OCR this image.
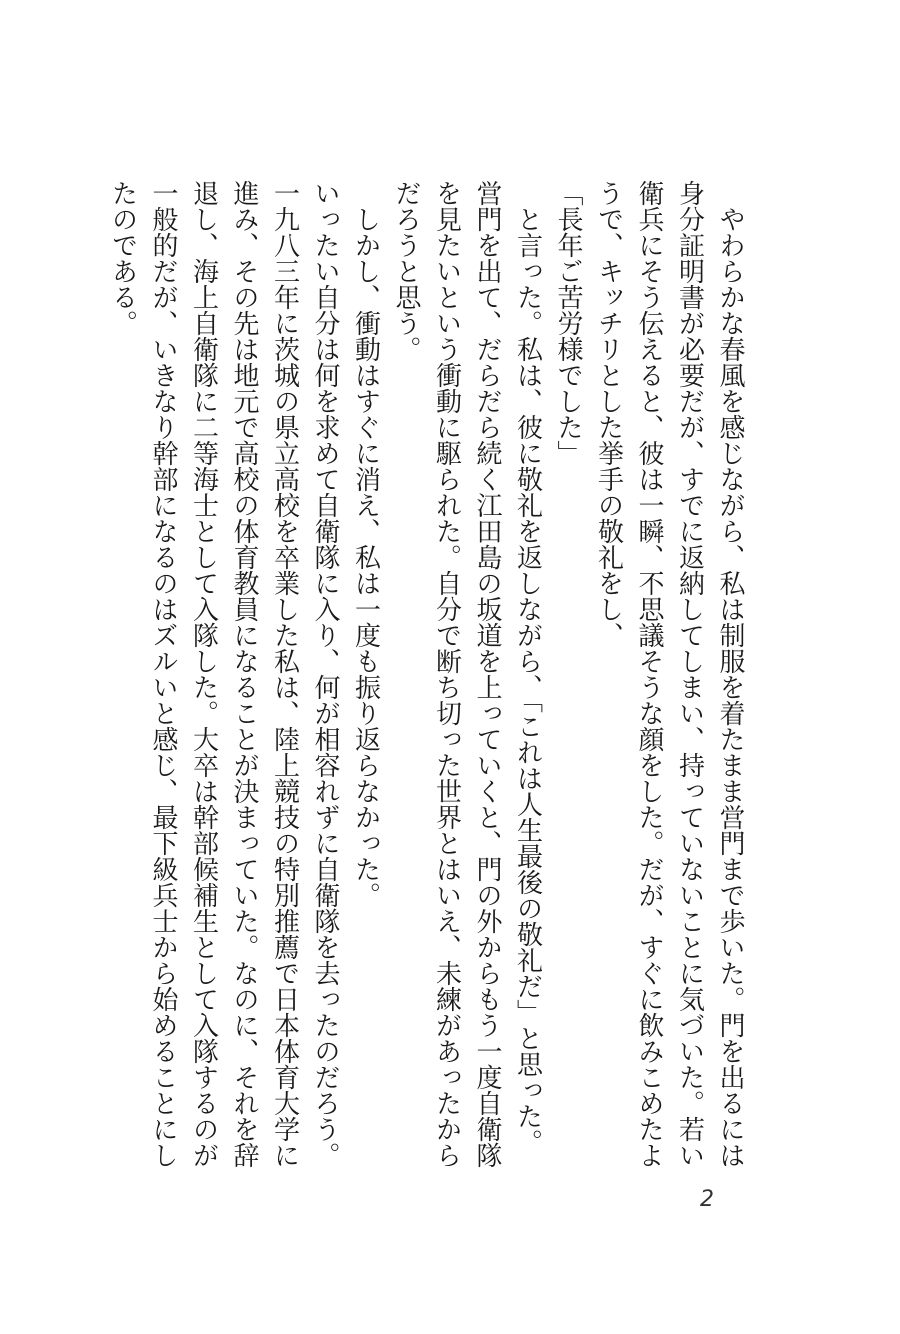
やわらかな春風を感じながら、私は制服を着たまま営門まで歩いた。門を出るには身分証明書が必要だが、すでに返納してしまい、持っていないことに気づいた。若い衛兵にそう伝えると、彼は一瞬、不思議そうな顔をした。だが、すぐに飲みこめたようで、キッチリとした挙手の敬礼をし、

「長年ご苦労様でした」

と言った。私は、彼に敬礼を返しながら、「これは人生最後の敬礼だ」と思った。

営門を出て、だらだら続く江田島の坂道を上っていくと、門の外からもう一度自衛隊を見たいという衝動に駆られた。自分で断ち切った世界とはいえ、未練があったからだろうと思う。

しかし、衝動はすぐに消え、私は一度も振り返らなかった。

いったい自分は何を求めて自衛隊に入り、何が相容れずに自衛隊を去ったのだろう。

一九八三年に茨城の県立高校を卒業した私は、陸上競技の特別推薦で日本体育大学に進み、その先は地元で高校の体育教員になることが決まっていた。なのに、それを辞退し、海上自衛隊に二等海士として入隊した。大卒は幹部候補生として入隊するのが一般的だが、いきなり幹部になるのはズルいと感じ、最下級兵士から始めることにしたのである。

2
